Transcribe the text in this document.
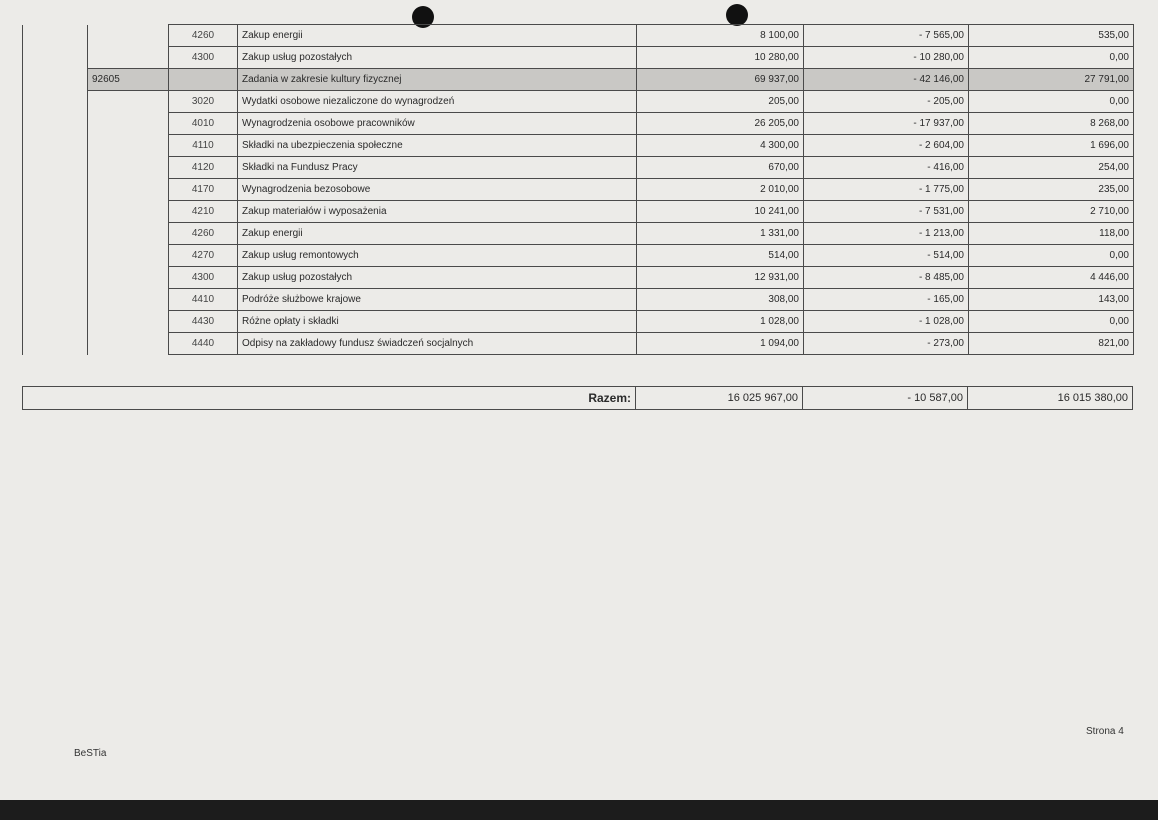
		4260	Zakup energii	8 100,00	- 7 565,00	535,00
		4300	Zakup usług pozostałych	10 280,00	- 10 280,00	0,00
	92605		Zadania w zakresie kultury fizycznej	69 937,00	- 42 146,00	27 791,00
		3020	Wydatki osobowe niezaliczone do wynagrodzeń	205,00	- 205,00	0,00
		4010	Wynagrodzenia osobowe pracowników	26 205,00	- 17 937,00	8 268,00
		4110	Składki na ubezpieczenia społeczne	4 300,00	- 2 604,00	1 696,00
		4120	Składki na Fundusz Pracy	670,00	- 416,00	254,00
		4170	Wynagrodzenia bezosobowe	2 010,00	- 1 775,00	235,00
		4210	Zakup materiałów i wyposażenia	10 241,00	- 7 531,00	2 710,00
		4260	Zakup energii	1 331,00	- 1 213,00	118,00
		4270	Zakup usług remontowych	514,00	- 514,00	0,00
		4300	Zakup usług pozostałych	12 931,00	- 8 485,00	4 446,00
		4410	Podróże służbowe krajowe	308,00	- 165,00	143,00
		4430	Różne opłaty i składki	1 028,00	- 1 028,00	0,00
		4440	Odpisy na zakładowy fundusz świadczeń socjalnych	1 094,00	- 273,00	821,00
Razem:	16 025 967,00	- 10 587,00	16 015 380,00
BeSTia
Strona 4
